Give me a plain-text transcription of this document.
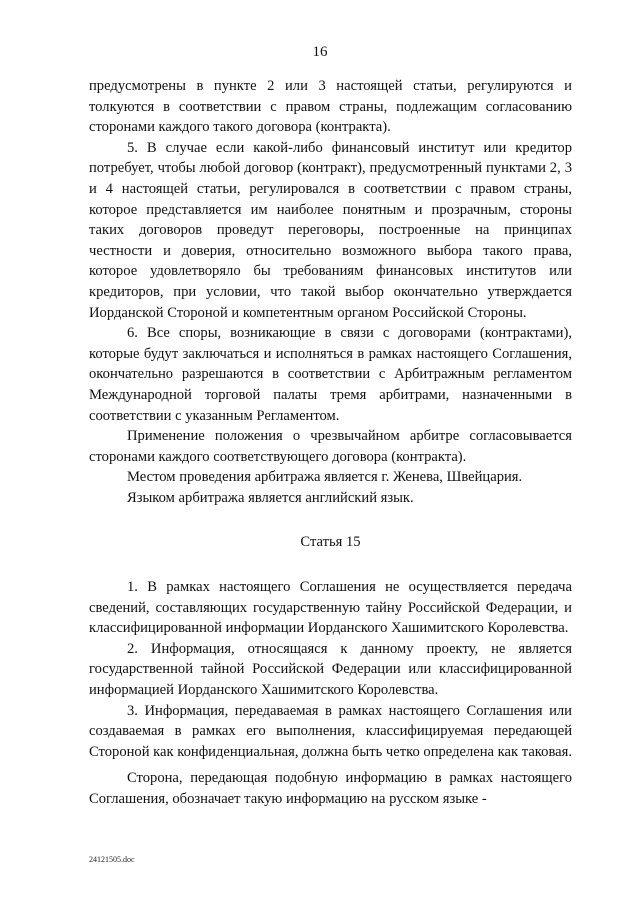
16

предусмотрены в пункте 2 или 3 настоящей статьи, регулируются и толкуются в соответствии с правом страны, подлежащим согласованию сторонами каждого такого договора (контракта).

5. В случае если какой-либо финансовый институт или кредитор потребует, чтобы любой договор (контракт), предусмотренный пунктами 2, 3 и 4 настоящей статьи, регулировался в соответствии с правом страны, которое представляется им наиболее понятным и прозрачным, стороны таких договоров проведут переговоры, построенные на принципах честности и доверия, относительно возможного выбора такого права, которое удовлетворяло бы требованиям финансовых институтов или кредиторов, при условии, что такой выбор окончательно утверждается Иорданской Стороной и компетентным органом Российской Стороны.

6. Все споры, возникающие в связи с договорами (контрактами), которые будут заключаться и исполняться в рамках настоящего Соглашения, окончательно разрешаются в соответствии с Арбитражным регламентом Международной торговой палаты тремя арбитрами, назначенными в соответствии с указанным Регламентом.

Применение положения о чрезвычайном арбитре согласовывается сторонами каждого соответствующего договора (контракта).

Местом проведения арбитража является г. Женева, Швейцария.

Языком арбитража является английский язык.

Статья 15

1. В рамках настоящего Соглашения не осуществляется передача сведений, составляющих государственную тайну Российской Федерации, и классифицированной информации Иорданского Хашимитского Королевства.

2. Информация, относящаяся к данному проекту, не является государственной тайной Российской Федерации или классифицированной информацией Иорданского Хашимитского Королевства.

3. Информация, передаваемая в рамках настоящего Соглашения или создаваемая в рамках его выполнения, классифицируемая передающей Стороной как конфиденциальная, должна быть четко определена как таковая.

Сторона, передающая подобную информацию в рамках настоящего Соглашения, обозначает такую информацию на русском языке -

24121505.doc
